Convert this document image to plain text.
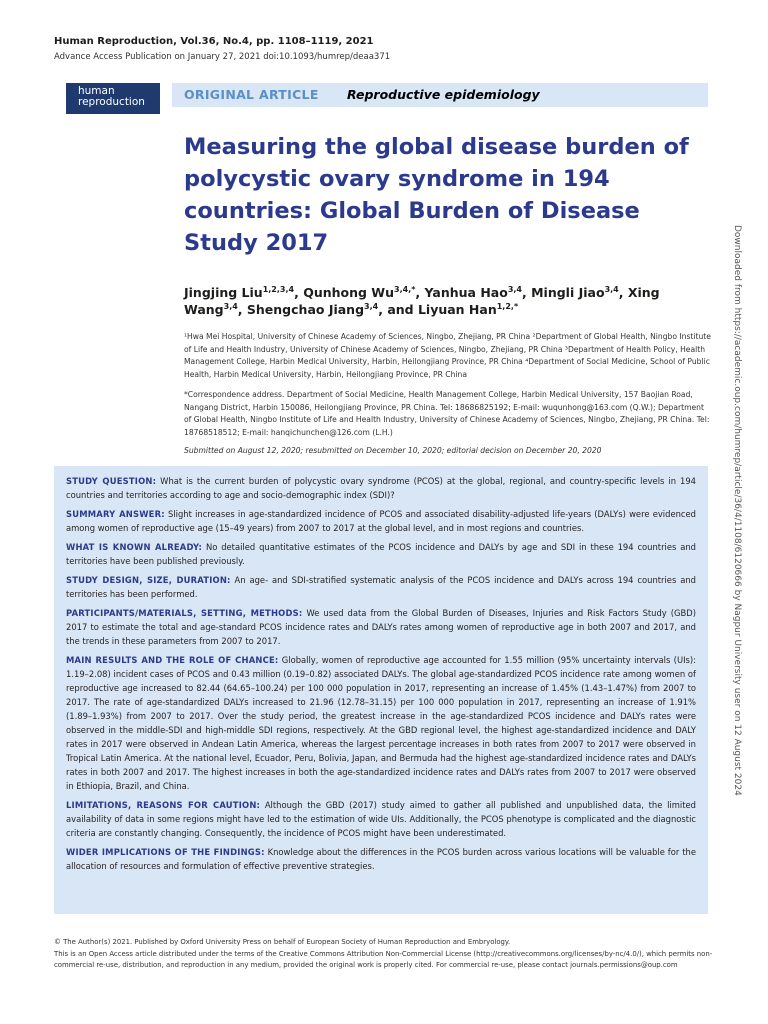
Human Reproduction, Vol.36, No.4, pp. 1108–1119, 2021
Advance Access Publication on January 27, 2021 doi:10.1093/humrep/deaa371
human
reproduction	ORIGINAL ARTICLE Reproductive epidemiology
Measuring the global disease burden of polycystic ovary syndrome in 194 countries: Global Burden of Disease Study 2017
Jingjing Liu$^{1,2,3,4}$, Qunhong $Wu^{3,4,*}$, Yanhua Hao$^{3,4}$, Mingli Jiao$^{3,4}$, Xing Wang$^{3,4}$, Shengchao Jiang$^{3,4}$, and Liyuan Han$^{1,2,*}$

¹Hwa Mei Hospital, University of Chinese Academy of Sciences, Ningbo, Zhejiang, PR China ²Department of Global Health, Ningbo Institute of Life and Health Industry, University of Chinese Academy of Sciences, Ningbo, Zhejiang, PR China ³Department of Health Policy, Health Management College, Harbin Medical University, Harbin, Heilongjiang Province, PR China ⁴Department of Social Medicine, School of Public Health, Harbin Medical University, Harbin, Heilongjiang Province, PR China

*Correspondence address. Department of Social Medicine, Health Management College, Harbin Medical University, 157 Baojian Road, Nangang District, Harbin 150086, Heilongjiang Province, PR China. Tel: 18686825192; E-mail: wuqunhong@163.com (Q.W.); Department of Global Health, Ningbo Institute of Life and Health Industry, University of Chinese Academy of Sciences, Ningbo, Zhejiang, PR China. Tel: 18768518512; E-mail: hanqichunchen@126.com (L.H.)

Submitted on August 12, 2020; resubmitted on December 10, 2020; editorial decision on December 20, 2020

STUDY QUESTION: What is the current burden of polycystic ovary syndrome (PCOS) at the global, regional, and country-specific levels in 194 countries and territories according to age and socio-demographic index (SDI)?

SUMMARY ANSWER: Slight increases in age-standardized incidence of PCOS and associated disability-adjusted life-years (DALYs) were evidenced among women of reproductive age (15–49 years) from 2007 to 2017 at the global level, and in most regions and countries.

WHAT IS KNOWN ALREADY: No detailed quantitative estimates of the PCOS incidence and DALYs by age and SDI in these 194 countries and territories have been published previously.

STUDY DESIGN, SIZE, DURATION: An age- and SDI-stratified systematic analysis of the PCOS incidence and DALYs across 194 countries and territories has been performed.

PARTICIPANTS/MATERIALS, SETTING, METHODS: We used data from the Global Burden of Diseases, Injuries and Risk Factors Study (GBD) 2017 to estimate the total and age-standard PCOS incidence rates and DALYs rates among women of reproductive age in both 2007 and 2017, and the trends in these parameters from 2007 to 2017.

MAIN RESULTS AND THE ROLE OF CHANCE: Globally, women of reproductive age accounted for 1.55 million (95% uncertainty intervals (UIs): 1.19–2.08) incident cases of PCOS and 0.43 million (0.19–0.82) associated DALYs. The global age-standardized PCOS incidence rate among women of reproductive age increased to 82.44 (64.65–100.24) per 100 000 population in 2017, representing an increase of 1.45% (1.43–1.47%) from 2007 to 2017. The rate of age-standardized DALYs increased to 21.96 (12.78–31.15) per 100 000 population in 2017, representing an increase of 1.91% (1.89–1.93%) from 2007 to 2017. Over the study period, the greatest increase in the age-standardized PCOS incidence and DALYs rates were observed in the middle-SDI and high-middle SDI regions, respectively. At the GBD regional level, the highest age-standardized incidence and DALY rates in 2017 were observed in Andean Latin America, whereas the largest percentage increases in both rates from 2007 to 2017 were observed in Tropical Latin America. At the national level, Ecuador, Peru, Bolivia, Japan, and Bermuda had the highest age-standardized incidence rates and DALYs rates in both 2007 and 2017. The highest increases in both the age-standardized incidence rates and DALYs rates from 2007 to 2017 were observed in Ethiopia, Brazil, and China.

LIMITATIONS, REASONS FOR CAUTION: Although the GBD (2017) study aimed to gather all published and unpublished data, the limited availability of data in some regions might have led to the estimation of wide UIs. Additionally, the PCOS phenotype is complicated and the diagnostic criteria are constantly changing. Consequently, the incidence of PCOS might have been underestimated.

WIDER IMPLICATIONS OF THE FINDINGS: Knowledge about the differences in the PCOS burden across various locations will be valuable for the allocation of resources and formulation of effective preventive strategies.

© The Author(s) 2021. Published by Oxford University Press on behalf of European Society of Human Reproduction and Embryology.

This is an Open Access article distributed under the terms of the Creative Commons Attribution Non-Commercial License (http://creativecommons.org/licenses/by-nc/4.0/), which permits non-commercial re-use, distribution, and reproduction in any medium, provided the original work is properly cited. For commercial re-use, please contact journals.permissions@oup.com

Downloaded from https://academic.oup.com/humrep/article/36/4/1108/6120666 by Nagpur University user on 12 August 2024
